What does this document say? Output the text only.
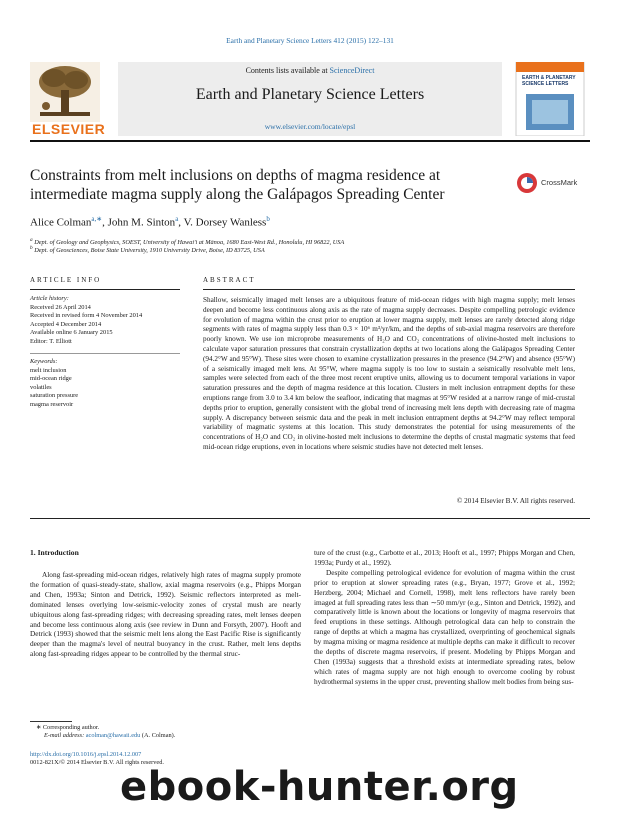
Earth and Planetary Science Letters 412 (2015) 122–131
ELSEVIER
Contents lists available at ScienceDirect
Earth and Planetary Science Letters
www.elsevier.com/locate/epsl
EARTH & PLANETARY SCIENCE LETTERS
Constraints from melt inclusions on depths of magma residence at
intermediate magma supply along the Galápagos Spreading Center
CrossMark
Alice Colman$^{a,∗}$, John M. Sinton$^a$, V. Dorsey Wanless$^b$
$^a$ Dept. of Geology and Geophysics, SOEST, University of Hawai'i at Mānoa, 1680 East-West Rd., Honolulu, HI 96822, USA
$^b$ Dept. of Geosciences, Boise State University, 1910 University Drive, Boise, ID 83725, USA
ARTICLE INFO	ABSTRACT
Article history:
Received 26 April 2014
Received in revised form 4 November 2014
Accepted 4 December 2014
Available online 6 January 2015
Editor: T. Elliott
Keywords:
melt inclusion
mid-ocean ridge
volatiles
saturation pressure
magma reservoir
Shallow, seismically imaged melt lenses are a ubiquitous feature of mid-ocean ridges with high magma supply; melt lenses deepen and become less continuous along axis as the rate of magma supply decreases. Despite compelling petrologic evidence for evolution of magma within the crust prior to eruption at lower magma supply, melt lenses are rarely detected along ridge segments with rates of magma supply less than 0.3 × 10⁶ m³/yr/km, and the depths of sub-axial magma reservoirs are therefore poorly known. We use ion microprobe measurements of H₂O and CO₂ concentrations of olivine-hosted melt inclusions to calculate vapor saturation pressures that constrain crystallization depths at two locations along the Galápagos Spreading Center (94.2°W and 95°W). These sites were chosen to examine crystallization pressures in the presence (94.2°W) and absence (95°W) of a seismically imaged melt lens. At 95°W, where magma supply is too low to sustain a seismically resolvable melt lens, samples were selected from each of the three most recent eruptive units, allowing us to document temporal variations in vapor saturation pressures and the depth of magma residence at this location. Clusters in melt inclusion entrapment depths for these eruptions range from 3.0 to 3.4 km below the seafloor, indicating that magmas at 95°W resided at a narrow range of mid-crustal depths prior to eruption, generally consistent with the global trend of increasing melt lens depth with decreasing rate of magma supply. A discrepancy between seismic data and the peak in melt inclusion entrapment depths at 94.2°W may reflect temporal variability of magmatic systems at this location. This study demonstrates the potential for using measurements of the concentrations of H₂O and CO₂ in olivine-hosted melt inclusions to determine the depths of crustal magmatic systems that feed mid-ocean ridge eruptions, even in locations where seismic studies have not detected melt lenses.
© 2014 Elsevier B.V. All rights reserved.
1. Introduction

Along fast-spreading mid-ocean ridges, relatively high rates of magma supply promote the formation of quasi-steady-state, shallow, axial magma reservoirs (e.g., Phipps Morgan and Chen, 1993a; Sinton and Detrick, 1992). Seismic reflectors interpreted as melt-dominated lenses overlying low-seismic-velocity zones of crystal mush are nearly ubiquitous along fast-spreading ridges; with decreasing spreading rates, melt lenses deepen and become less continuous along axis (see review in Dunn and Forsyth, 2007). Hooft and Detrick (1993) showed that the seismic melt lens along the East Pacific Rise is significantly deeper than the magma's level of neutral buoyancy in the crust. Rather, melt lens depths along fast-spreading ridges appear to be controlled by the thermal struc-

ture of the crust (e.g., Carbotte et al., 2013; Hooft et al., 1997; Phipps Morgan and Chen, 1993a; Purdy et al., 1992).

Despite compelling petrological evidence for evolution of magma within the crust prior to eruption at slower spreading rates (e.g., Bryan, 1977; Grove et al., 1992; Herzberg, 2004; Michael and Cornell, 1998), melt lens reflectors have rarely been imaged at full spreading rates less than ∼50 mm/yr (e.g., Sinton and Detrick, 1992), and comparatively little is known about the locations or longevity of magma reservoirs that feed eruptions in these settings. Although petrological data can help to constrain the range of depths at which a magma has crystallized, overprinting of geochemical signals by magma mixing or magma residence at multiple depths can make it difficult to recover the depths of discrete magma reservoirs, if present. Modeling by Phipps Morgan and Chen (1993a) suggests that a threshold exists at intermediate spreading rates, below which rates of magma supply are not high enough to overcome cooling by robust hydrothermal systems in the upper crust, preventing shallow melt bodies from being sus-

∗ Corresponding author.
E-mail address: acolman@hawaii.edu (A. Colman).
http://dx.doi.org/10.1016/j.epsl.2014.12.007
0012-821X/© 2014 Elsevier B.V. All rights reserved.
ebook-hunter.org
